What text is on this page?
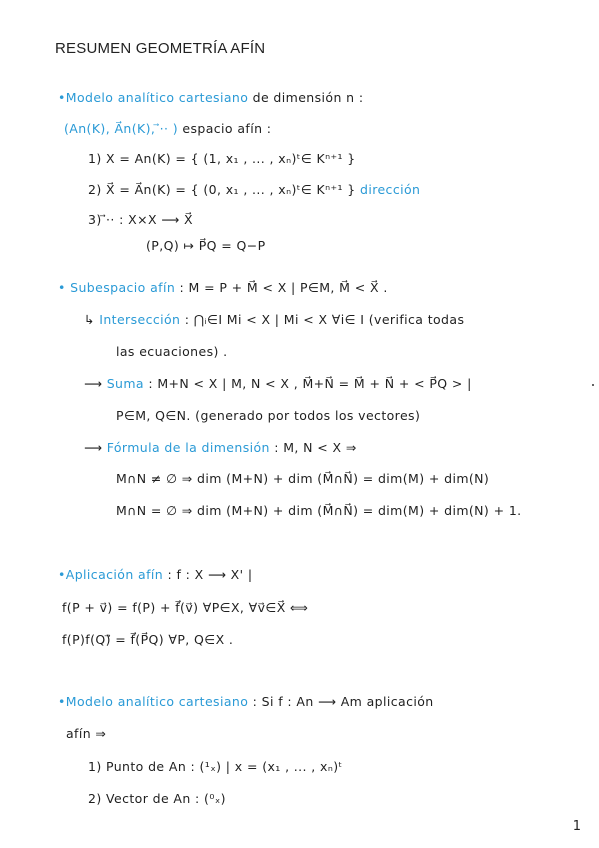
RESUMEN GEOMETRÍA AFÍN
•Modelo analítico cartesiano de dimensión n :
(An(K), A⃗n(K), ⃗·· ) espacio afín :
1) X = An(K) = { (1, x₁ , ... , xₙ)ᵗ∈ Kⁿ⁺¹ }
2) X⃗ = A⃗n(K) = { (0, x₁ , ... , xₙ)ᵗ∈ Kⁿ⁺¹ } dirección
3) ⃗·· : X×X ⟶ X⃗
(P,Q) ↦ P⃗Q = Q−P
• Subespacio afín : M = P + M⃗ < X | P∈M, M⃗ < X⃗ .
↳ Intersección : ⋂ᵢ∈I Mi < X | Mi < X ∀i∈ I (verifica todas
las ecuaciones) .
⟶ Suma : M+N < X | M, N < X , M⃗+N⃗ = M⃗ + N⃗ + < P⃗Q > |
P∈M, Q∈N. (generado por todos los vectores)
⟶ Fórmula de la dimensión : M, N < X ⇒
M∩N ≠ ∅ ⇒ dim (M+N) + dim (M⃗∩N⃗) = dim(M) + dim(N)
M∩N = ∅ ⇒ dim (M+N) + dim (M⃗∩N⃗) = dim(M) + dim(N) + 1.
•Aplicación afín : f : X ⟶ X' |
f(P + v⃗) = f(P) + f⃗(v⃗) ∀P∈X, ∀v⃗∈X⃗ ⟺
f(P)f(Q)⃗ = f⃗(P⃗Q) ∀P, Q∈X .
•Modelo analítico cartesiano : Si f : An ⟶ Am aplicación
afín ⇒
1) Punto de An : (¹ₓ) | x = (x₁ , ... , xₙ)ᵗ
2) Vector de An : (⁰ₓ)
1
